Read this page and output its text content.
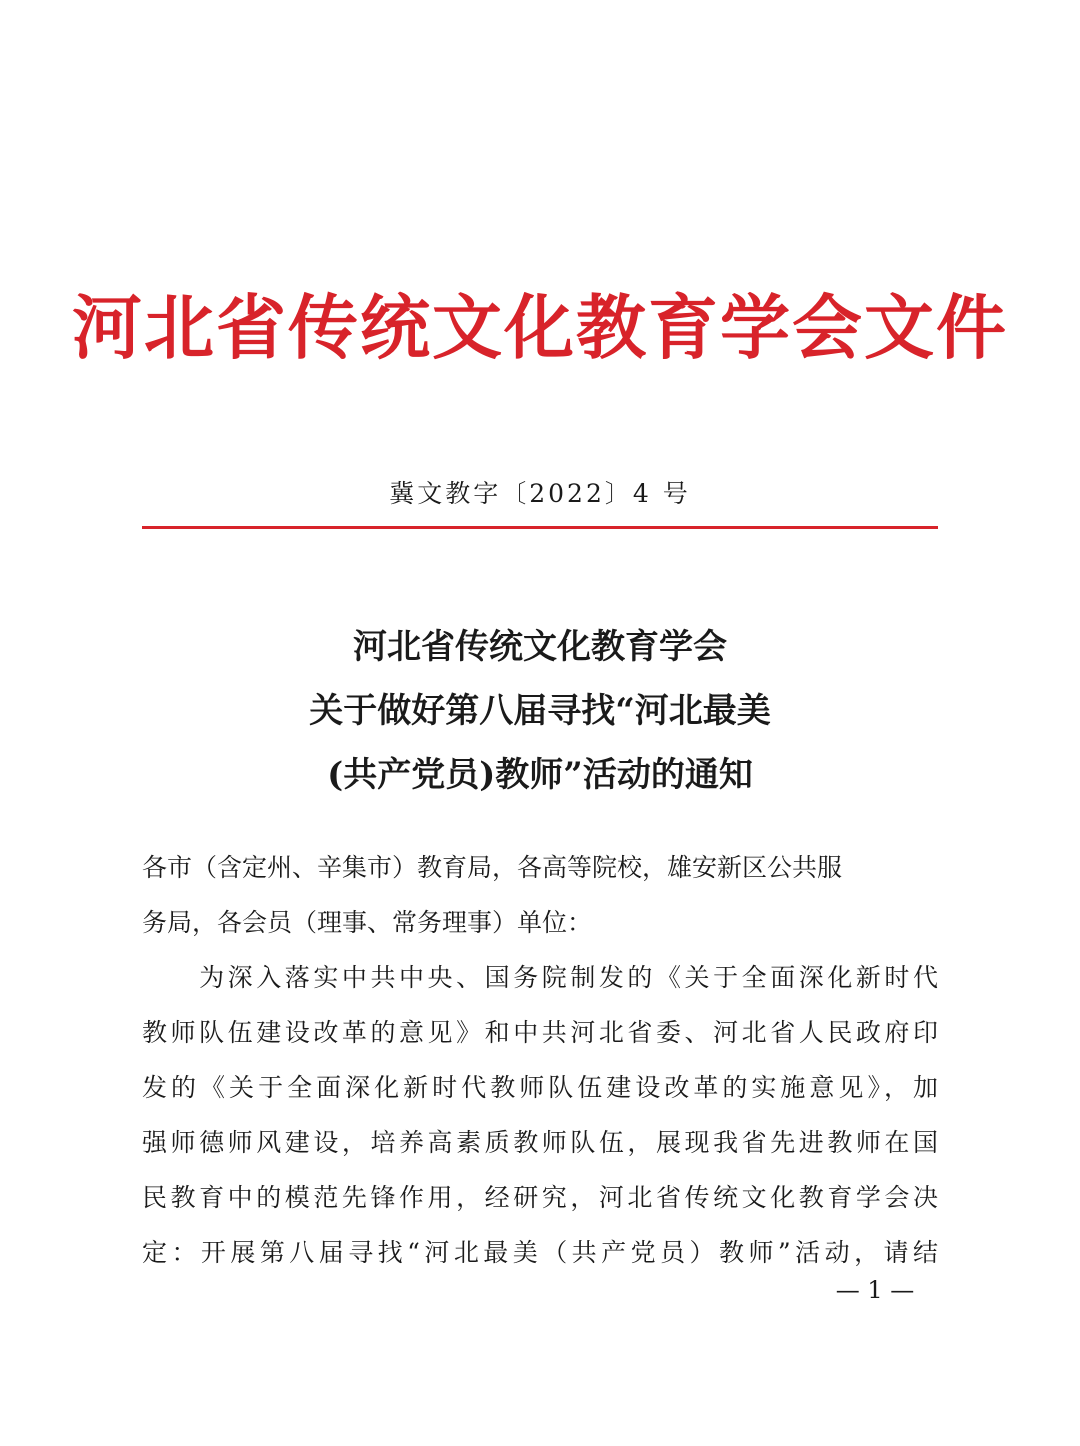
河北省传统文化教育学会文件
冀文教字〔2022〕4 号
河北省传统文化教育学会
关于做好第八届寻找“河北最美
(共产党员)教师”活动的通知
各市（含定州、辛集市）教育局，各高等院校，雄安新区公共服
务局，各会员（理事、常务理事）单位：
　　为深入落实中共中央、国务院制发的《关于全面深化新时代
教师队伍建设改革的意见》和中共河北省委、河北省人民政府印
发的《关于全面深化新时代教师队伍建设改革的实施意见》，加
强师德师风建设，培养高素质教师队伍，展现我省先进教师在国
民教育中的模范先锋作用，经研究，河北省传统文化教育学会决
定：开展第八届寻找“河北最美（共产党员）教师”活动，请结
— 1 —
